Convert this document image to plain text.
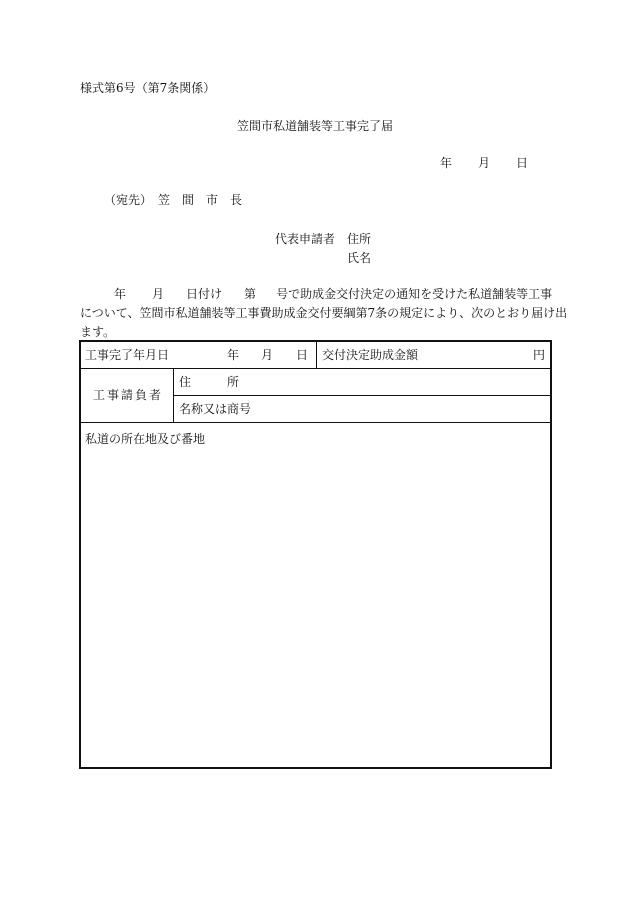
様式第6号（第7条関係）
笠間市私道舗装等工事完了届
年 月 日
（宛先） 笠　間　市　長
代表申請者 住所
氏名
年 月 日付け 第 号で助成金交付決定の通知を受けた私道舗装等工事
について、笠間市私道舗装等工事費助成金交付要綱第7条の規定により、次のとおり届け出
ます。
工事完了年月日	年 月 日 交付決定助成金額	円
工事請負者
住　　　所
名称又は商号
私道の所在地及び番地
